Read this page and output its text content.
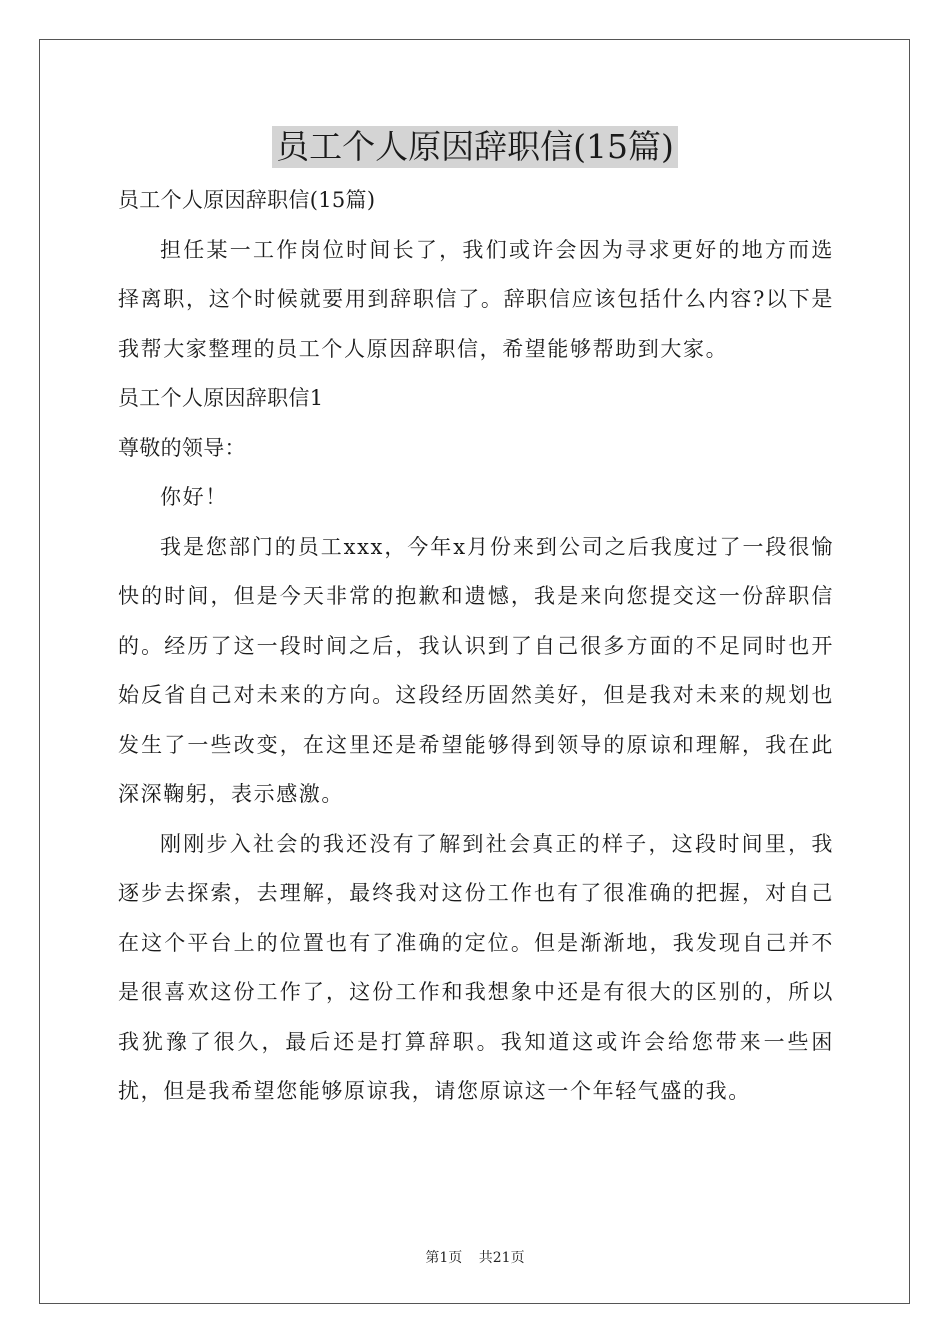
员工个人原因辞职信(15篇)
员工个人原因辞职信(15篇)

担任某一工作岗位时间长了，我们或许会因为寻求更好的地方而选择离职，这个时候就要用到辞职信了。辞职信应该包括什么内容?以下是我帮大家整理的员工个人原因辞职信，希望能够帮助到大家。

员工个人原因辞职信1
尊敬的领导：

你好！

我是您部门的员工xxx，今年x月份来到公司之后我度过了一段很愉快的时间，但是今天非常的抱歉和遗憾，我是来向您提交这一份辞职信的。经历了这一段时间之后，我认识到了自己很多方面的不足同时也开始反省自己对未来的方向。这段经历固然美好，但是我对未来的规划也发生了一些改变，在这里还是希望能够得到领导的原谅和理解，我在此深深鞠躬，表示感激。

刚刚步入社会的我还没有了解到社会真正的样子，这段时间里，我逐步去探索，去理解，最终我对这份工作也有了很准确的把握，对自己在这个平台上的位置也有了准确的定位。但是渐渐地，我发现自己并不是很喜欢这份工作了，这份工作和我想象中还是有很大的区别的，所以我犹豫了很久，最后还是打算辞职。我知道这或许会给您带来一些困扰，但是我希望您能够原谅我，请您原谅这一个年轻气盛的我。

第1页 共21页
